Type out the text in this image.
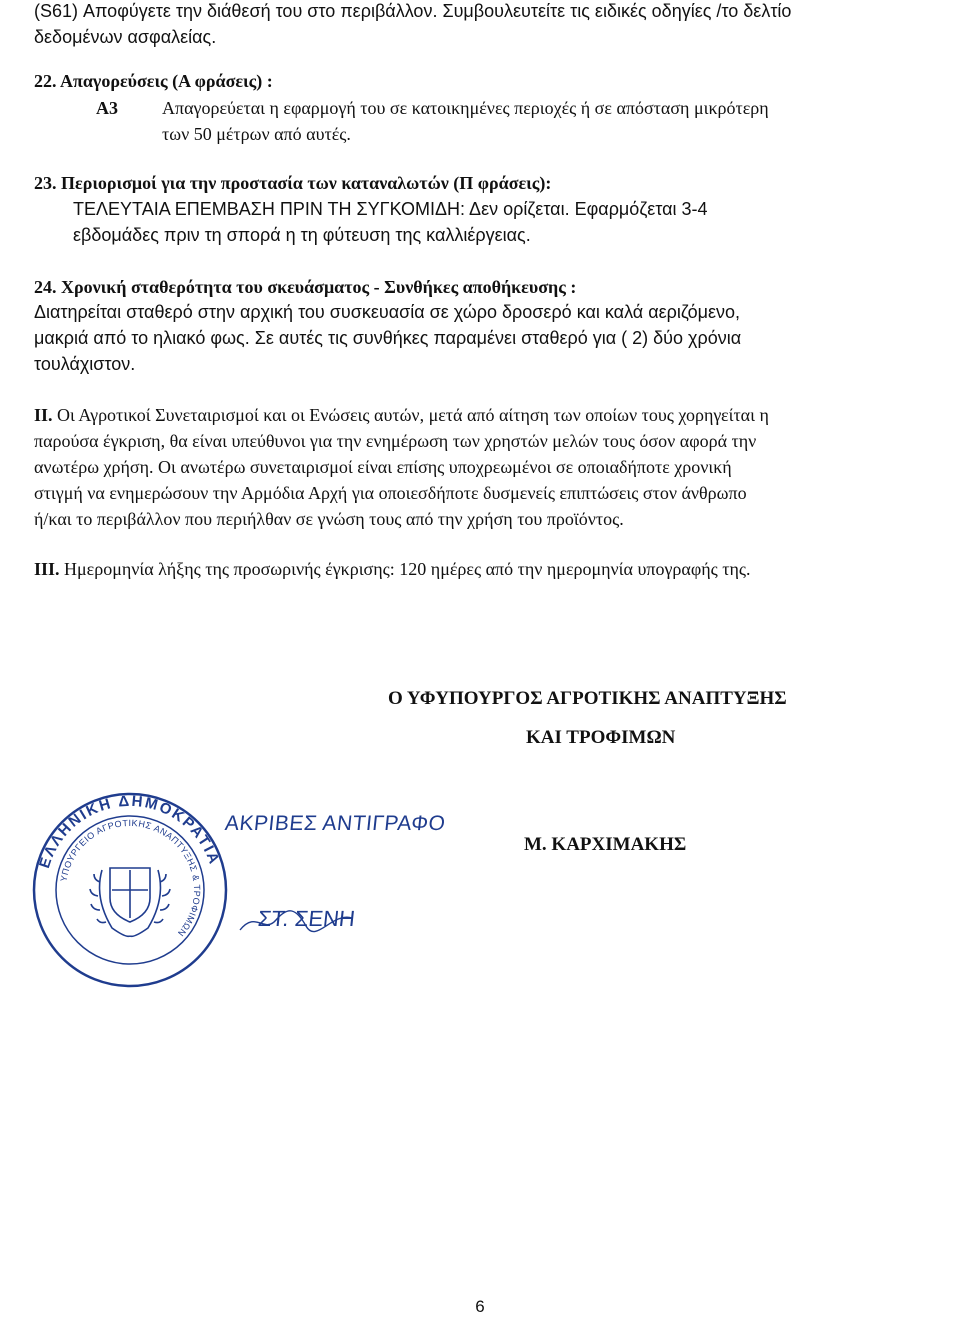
(S61) Αποφύγετε την διάθεσή του στο περιβάλλον. Συμβουλευτείτε τις ειδικές οδηγίες /το δελτίο

δεδομένων ασφαλείας.

22. Απαγορεύσεις (Α φράσεις) :

Α3 Απαγορεύεται η εφαρμογή του σε κατοικημένες περιοχές ή σε απόσταση μικρότερη

των 50 μέτρων από αυτές.

23. Περιορισμοί για την προστασία των καταναλωτών (Π φράσεις):

ΤΕΛΕΥΤΑΙΑ ΕΠΕΜΒΑΣΗ ΠΡΙΝ ΤΗ ΣΥΓΚΟΜΙΔΗ: Δεν ορίζεται. Εφαρμόζεται 3-4

εβδομάδες πριν τη σπορά η τη φύτευση της καλλιέργειας.

24. Χρονική σταθερότητα του σκευάσματος - Συνθήκες αποθήκευσης :

Διατηρείται σταθερό στην αρχική του συσκευασία σε χώρο δροσερό και καλά αεριζόμενο,

μακριά από το ηλιακό φως. Σε αυτές τις συνθήκες παραμένει σταθερό για ( 2) δύο χρόνια

τουλάχιστον.

ΙΙ. Οι Αγροτικοί Συνεταιρισμοί και οι Ενώσεις αυτών, μετά από αίτηση των οποίων τους χορηγείται η

παρούσα έγκριση, θα είναι υπεύθυνοι για την ενημέρωση των χρηστών μελών τους όσον αφορά την

ανωτέρω χρήση. Οι ανωτέρω συνεταιρισμοί είναι επίσης υποχρεωμένοι σε οποιαδήποτε χρονική

στιγμή να ενημερώσουν την Αρμόδια Αρχή για οποιεσδήποτε δυσμενείς επιπτώσεις στον άνθρωπο

ή/και το περιβάλλον που περιήλθαν σε γνώση τους από την χρήση του προϊόντος.

ΙΙΙ. Ημερομηνία λήξης της προσωρινής έγκρισης: 120 ημέρες από την ημερομηνία υπογραφής της.

Ο ΥΦΥΠΟΥΡΓΟΣ ΑΓΡΟΤΙΚΗΣ ΑΝΑΠΤΥΞΗΣ

ΚΑΙ ΤΡΟΦΙΜΩΝ

Μ. ΚΑΡΧΙΜΑΚΗΣ

ΕΛΛΗΝΙΚΗ ΔΗΜΟΚΡΑΤΙΑ
ΥΠΟΥΡΓΕΙΟ ΑΓΡΟΤΙΚΗΣ ΑΝΑΠΤΥΞΗΣ & ΤΡΟΦΙΜΩΝ
ΑΚΡΙΒΕΣ ΑΝΤΙΓΡΑΦΟ
ΣΤ. ΣΕΝΗ
6
